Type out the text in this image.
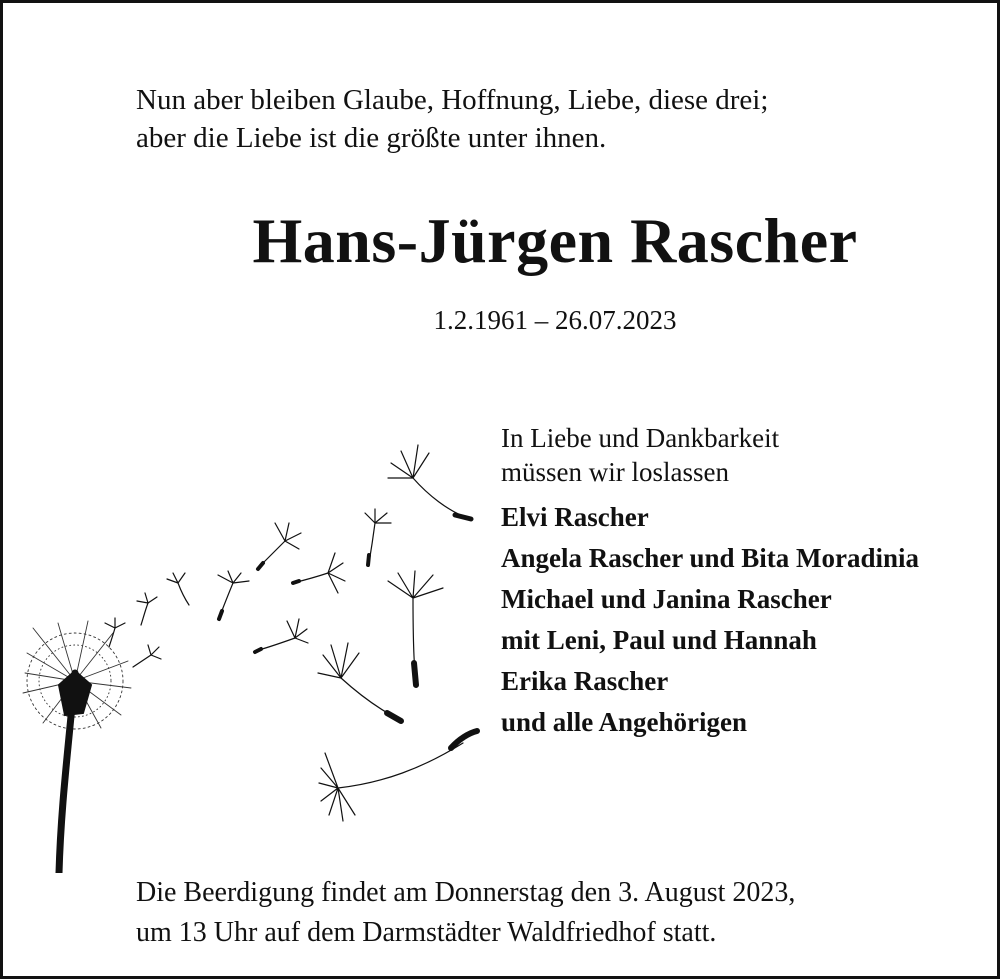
Nun aber bleiben Glaube, Hoffnung, Liebe, diese drei;
aber die Liebe ist die größte unter ihnen.
Hans-Jürgen Rascher
1.2.1961 – 26.07.2023
In Liebe und Dankbarkeit
müssen wir loslassen
Elvi Rascher
Angela Rascher und Bita Moradinia
Michael und Janina Rascher
mit Leni, Paul und Hannah
Erika Rascher
und alle Angehörigen
Die Beerdigung findet am Donnerstag den 3. August 2023,
um 13 Uhr auf dem Darmstädter Waldfriedhof statt.
